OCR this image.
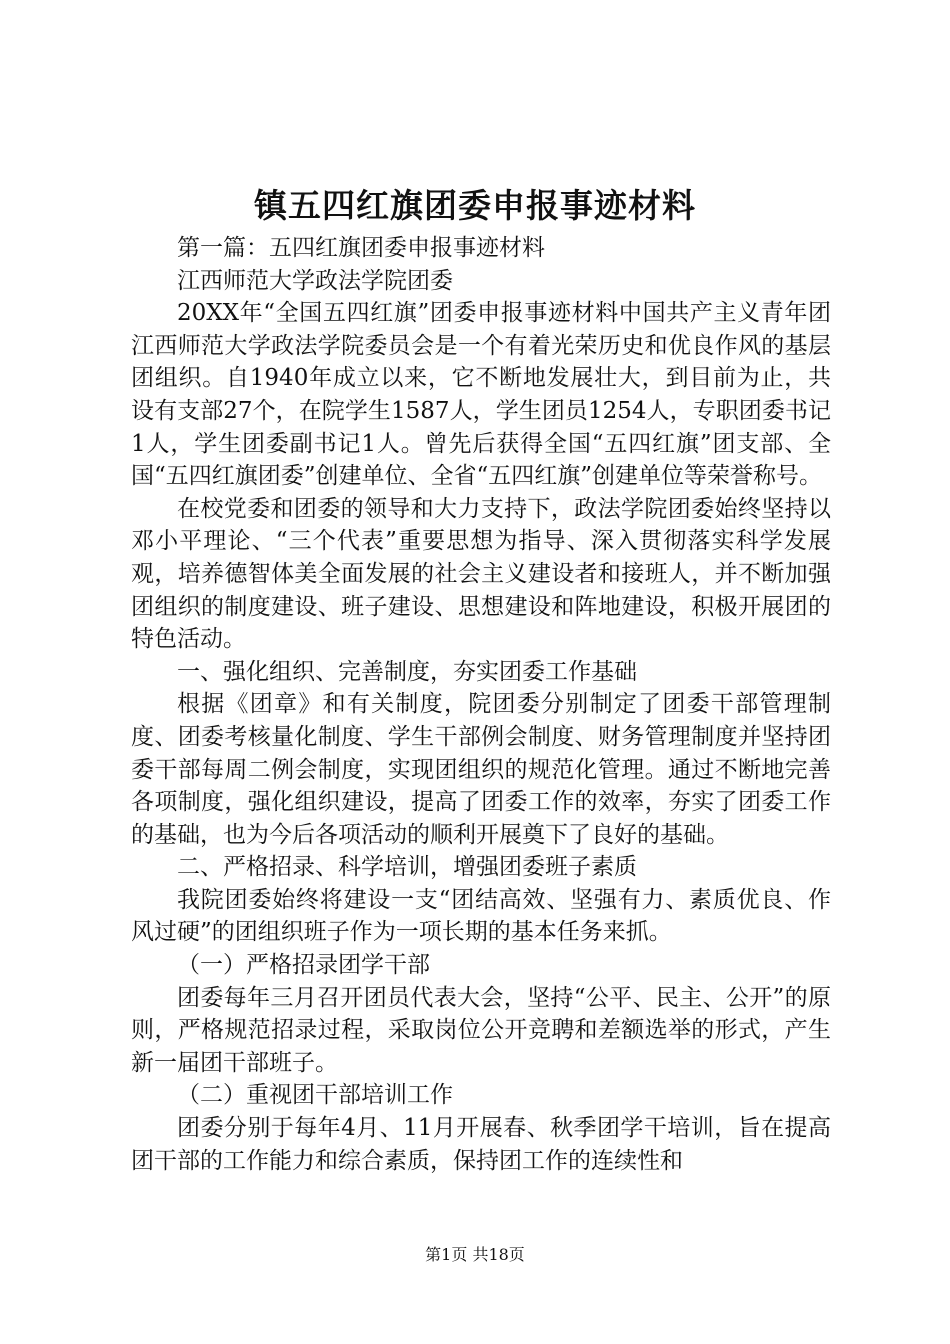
镇五四红旗团委申报事迹材料

第一篇：五四红旗团委申报事迹材料

江西师范大学政法学院团委

20XX年“全国五四红旗”团委申报事迹材料中国共产主义青年团江西师范大学政法学院委员会是一个有着光荣历史和优良作风的基层团组织。自1940年成立以来，它不断地发展壮大，到目前为止，共设有支部27个，在院学生1587人，学生团员1254人，专职团委书记1人，学生团委副书记1人。曾先后获得全国“五四红旗”团支部、全国“五四红旗团委”创建单位、全省“五四红旗”创建单位等荣誉称号。

在校党委和团委的领导和大力支持下，政法学院团委始终坚持以邓小平理论、“三个代表”重要思想为指导、深入贯彻落实科学发展观，培养德智体美全面发展的社会主义建设者和接班人，并不断加强团组织的制度建设、班子建设、思想建设和阵地建设，积极开展团的特色活动。

一、强化组织、完善制度，夯实团委工作基础

根据《团章》和有关制度，院团委分别制定了团委干部管理制度、团委考核量化制度、学生干部例会制度、财务管理制度并坚持团委干部每周二例会制度，实现团组织的规范化管理。通过不断地完善各项制度，强化组织建设，提高了团委工作的效率，夯实了团委工作的基础，也为今后各项活动的顺利开展奠下了良好的基础。

二、严格招录、科学培训，增强团委班子素质

我院团委始终将建设一支“团结高效、坚强有力、素质优良、作风过硬”的团组织班子作为一项长期的基本任务来抓。

（一）严格招录团学干部

团委每年三月召开团员代表大会，坚持“公平、民主、公开”的原则，严格规范招录过程，采取岗位公开竞聘和差额选举的形式，产生新一届团干部班子。

（二）重视团干部培训工作

团委分别于每年4月、11月开展春、秋季团学干培训，旨在提高团干部的工作能力和综合素质，保持团工作的连续性和

第1页 共18页
